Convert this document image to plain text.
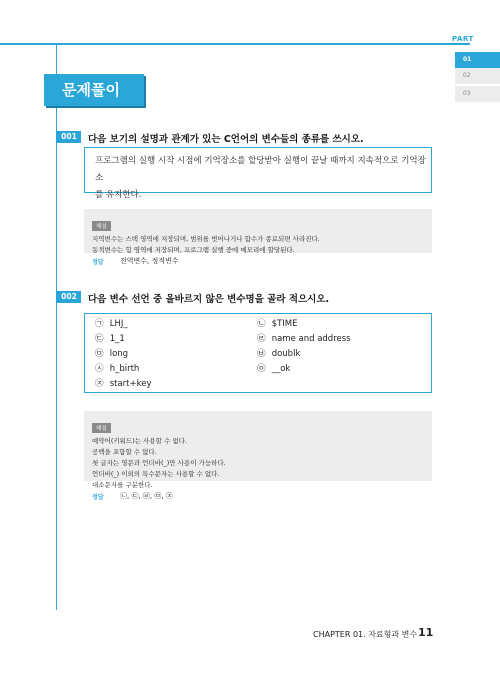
PART
01
02
03
문제풀이
001	다음 보기의 설명과 관계가 있는 C언어의 변수들의 종류를 쓰시오.
프로그램의 실행 시작 시점에 기억장소를 할당받아 실행이 끝날 때까지 지속적으로 기억장소
를 유지한다.
해설
지역변수는 스택 영역에 저장되며, 범위를 벗어나거나 함수가 종료되면 사라진다.
동적변수는 힙 영역에 저장되며, 프로그램 실행 중에 메모리에 할당된다.
정답 전역변수, 정적변수
002	다음 변수 선언 중 올바르지 않은 변수명을 골라 적으시오.
㉠ LHJ_
㉢ 1_1
㉤ long
㉦ h_birth
㉨ start+key
㉡ $TIME
㉣ name and address
㉥ doublk
㉧ __ok
해설
예약어(키워드)는 사용할 수 없다.
공백을 포함할 수 없다.
첫 글자는 영문과 언더바(_)만 사용이 가능하다.
언더바(_) 이외의 특수문자는 사용할 수 없다.
대소문자를 구분한다.
정답 ㉡, ㉢, ㉣, ㉤, ㉨
CHAPTER 01. 자료형과 변수 11
